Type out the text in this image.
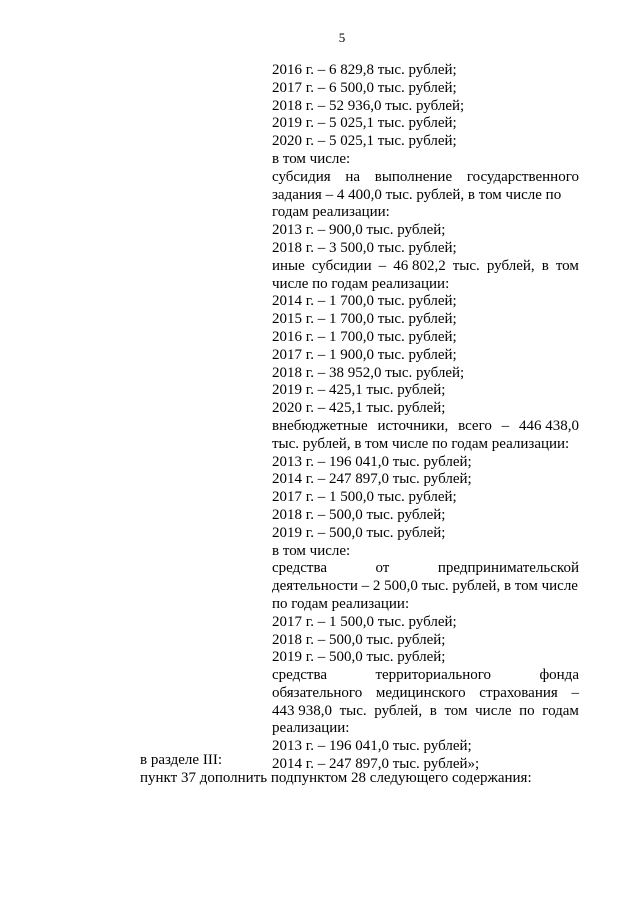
5
2016 г. – 6 829,8 тыс. рублей;
2017 г. – 6 500,0 тыс. рублей;
2018 г. – 52 936,0 тыс. рублей;
2019 г. – 5 025,1 тыс. рублей;
2020 г. – 5 025,1 тыс. рублей;
в том числе:
субсидия на выполнение государственного
задания – 4 400,0 тыс. рублей, в том числе по
годам реализации:
2013 г. – 900,0 тыс. рублей;
2018 г. – 3 500,0 тыс. рублей;
иные субсидии – 46 802,2 тыс. рублей, в том
числе по годам реализации:
2014 г. – 1 700,0 тыс. рублей;
2015 г. – 1 700,0 тыс. рублей;
2016 г. – 1 700,0 тыс. рублей;
2017 г. – 1 900,0 тыс. рублей;
2018 г. – 38 952,0 тыс. рублей;
2019 г. – 425,1 тыс. рублей;
2020 г. – 425,1 тыс. рублей;
внебюджетные источники, всего – 446 438,0
тыс. рублей, в том числе по годам реализации:
2013 г. – 196 041,0 тыс. рублей;
2014 г. – 247 897,0 тыс. рублей;
2017 г. – 1 500,0 тыс. рублей;
2018 г. – 500,0 тыс. рублей;
2019 г. – 500,0 тыс. рублей;
в том числе:
средства	от	предпринимательской
деятельности – 2 500,0 тыс. рублей, в том числе
по годам реализации:
2017 г. – 1 500,0 тыс. рублей;
2018 г. – 500,0 тыс. рублей;
2019 г. – 500,0 тыс. рублей;
средства	территориального	фонда
обязательного медицинского страхования –
443 938,0 тыс. рублей, в том числе по годам
реализации:
2013 г. – 196 041,0 тыс. рублей;
2014 г. – 247 897,0 тыс. рублей»;
в разделе III:
пункт 37 дополнить подпунктом 28 следующего содержания:
